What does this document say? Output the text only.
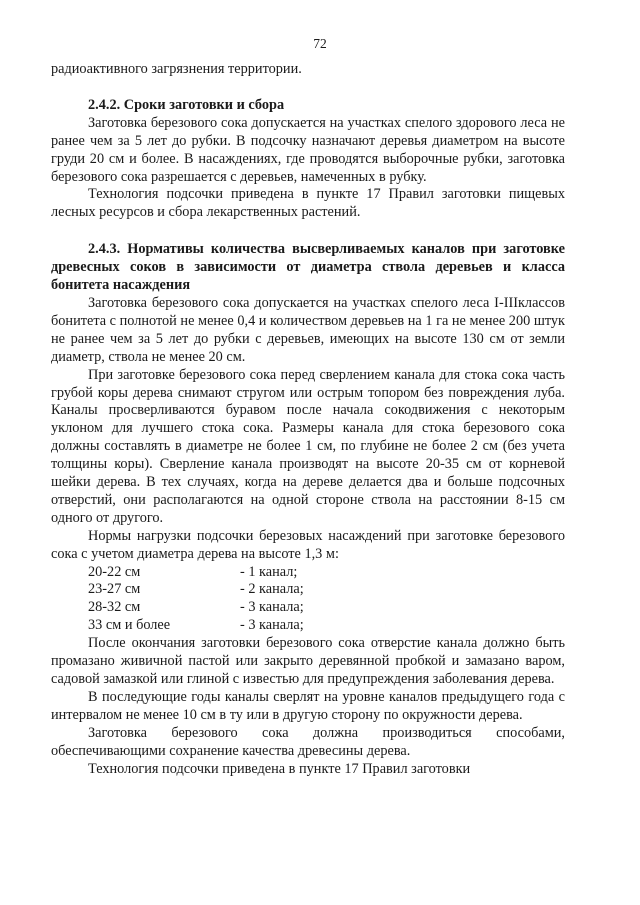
72

радиоактивного загрязнения территории.

2.4.2. Сроки заготовки и сбора

Заготовка березового сока допускается на участках спелого здорового леса не ранее чем за 5 лет до рубки. В подсочку назначают деревья диаметром на высоте груди 20 см и более. В насаждениях, где проводятся выборочные рубки, заготовка березового сока разрешается с деревьев, намеченных в рубку.

Технология подсочки приведена в пункте 17 Правил заготовки пищевых лесных ресурсов и сбора лекарственных растений.

2.4.3. Нормативы количества высверливаемых каналов при заготовке древесных соков в зависимости от диаметра ствола деревьев и класса бонитета насаждения

Заготовка березового сока допускается на участках спелого леса I-IIIклассов бонитета с полнотой не менее 0,4 и количеством деревьев на 1 га не менее 200 штук не ранее чем за 5 лет до рубки с деревьев, имеющих на высоте 130 см от земли диаметр, ствола не менее 20 см.

При заготовке березового сока перед сверлением канала для стока сока часть грубой коры дерева снимают стругом или острым топором без повреждения луба. Каналы просверливаются буравом после начала сокодвижения с некоторым уклоном для лучшего стока сока. Размеры канала для стока березового сока должны составлять в диаметре не более 1 см, по глубине не более 2 см (без учета толщины коры). Сверление канала производят на высоте 20-35 см от корневой шейки дерева. В тех случаях, когда на дереве делается два и больше подсочных отверстий, они располагаются на одной стороне ствола на расстоянии 8-15 см одного от другого.

Нормы нагрузки подсочки березовых насаждений при заготовке березового сока с учетом диаметра дерева на высоте 1,3 м:

20-22 см	- 1 канал;
23-27 см	- 2 канала;
28-32 см	- 3 канала;
33 см и более	- 3 канала;

После окончания заготовки березового сока отверстие канала должно быть промазано живичной пастой или закрыто деревянной пробкой и замазано варом, садовой замазкой или глиной с известью для предупреждения заболевания дерева.

В последующие годы каналы сверлят на уровне каналов предыдущего года с интервалом не менее 10 см в ту или в другую сторону по окружности дерева.

Заготовка березового сока должна производиться способами, обеспечивающими сохранение качества древесины дерева.

Технология подсочки приведена в пункте 17 Правил заготовки
